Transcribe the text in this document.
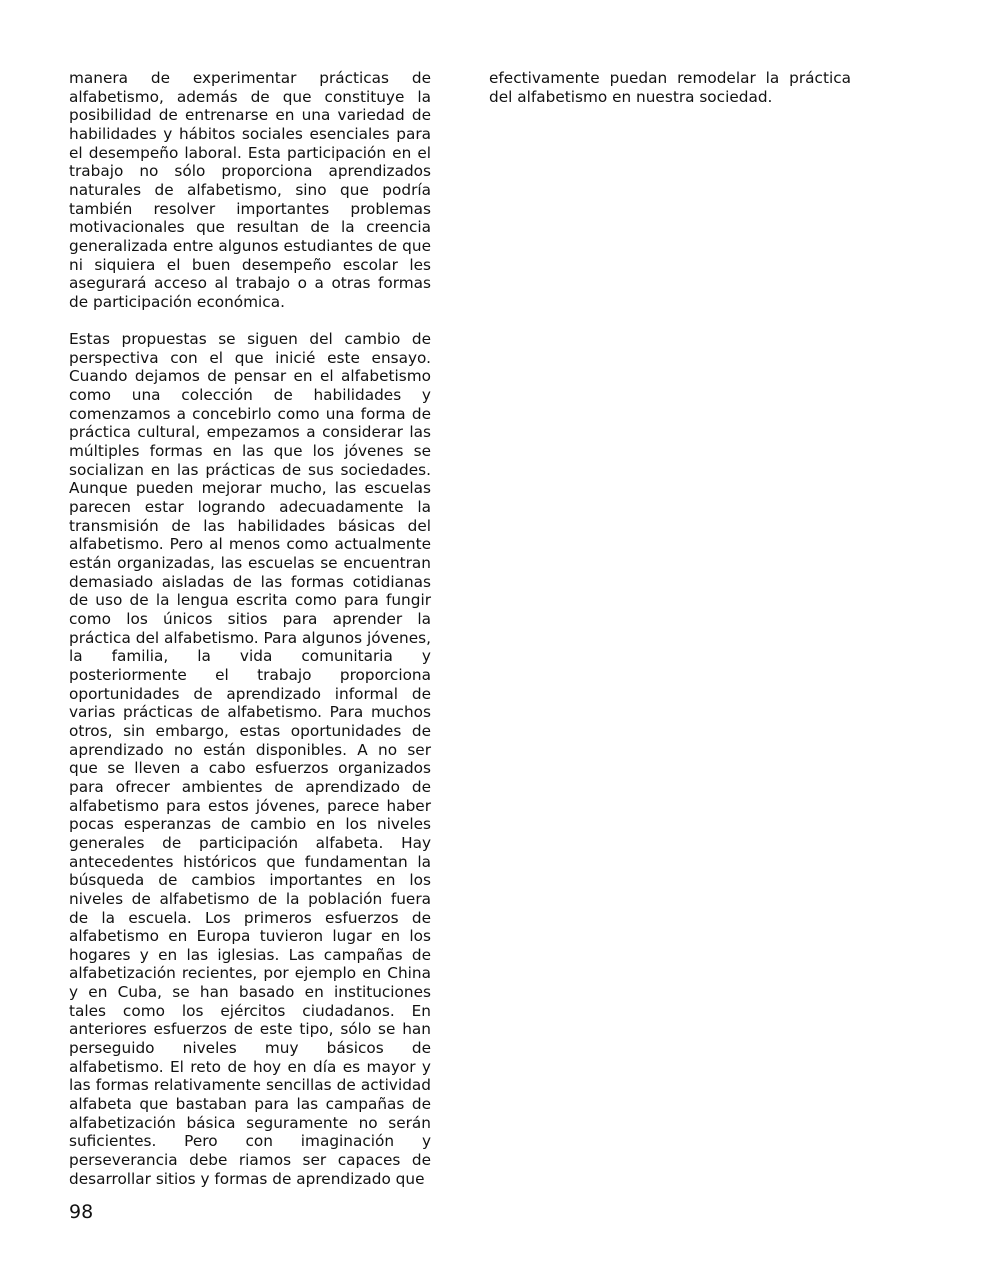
manera de experimentar prácticas de alfabetismo, además de que constituye la posibilidad de entrenarse en una variedad de habilidades y hábitos sociales esenciales para el desempeño laboral. Esta participación en el trabajo no sólo proporciona aprendizados naturales de alfabetismo, sino que podría también resolver importantes problemas motivacionales que resultan de la creencia generalizada entre algunos estudiantes de que ni siquiera el buen desempeño escolar les asegurará acceso al trabajo o a otras formas de participación económica.

Estas propuestas se siguen del cambio de perspectiva con el que inicié este ensayo. Cuando dejamos de pensar en el alfabetismo como una colección de habilidades y comenzamos a concebirlo como una forma de práctica cultural, empezamos a considerar las múltiples formas en las que los jóvenes se socializan en las prácticas de sus sociedades. Aunque pueden mejorar mucho, las escuelas parecen estar logrando adecuadamente la transmisión de las habilidades básicas del alfabetismo. Pero al menos como actualmente están organizadas, las escuelas se encuentran demasiado aisladas de las formas cotidianas de uso de la lengua escrita como para fungir como los únicos sitios para aprender la práctica del alfabetismo. Para algunos jóvenes, la familia, la vida comunitaria y posteriormente el trabajo proporciona oportunidades de aprendizado informal de varias prácticas de alfabetismo. Para muchos otros, sin embargo, estas oportunidades de aprendizado no están disponibles. A no ser que se lleven a cabo esfuerzos organizados para ofrecer ambientes de aprendizado de alfabetismo para estos jóvenes, parece haber pocas esperanzas de cambio en los niveles generales de participación alfabeta. Hay antecedentes históricos que fundamentan la búsqueda de cambios importantes en los niveles de alfabetismo de la población fuera de la escuela. Los primeros esfuerzos de alfabetismo en Europa tuvieron lugar en los hogares y en las iglesias. Las campañas de alfabetización recientes, por ejemplo en China y en Cuba, se han basado en instituciones tales como los ejércitos ciudadanos. En anteriores esfuerzos de este tipo, sólo se han perseguido niveles muy básicos de alfabetismo. El reto de hoy en día es mayor y las formas relativamente sencillas de actividad alfabeta que bastaban para las campañas de alfabetización básica seguramente no serán suficientes. Pero con imaginación y perseverancia debe riamos ser capaces de desarrollar sitios y formas de aprendizado que

efectivamente puedan remodelar la práctica del alfabetismo en nuestra sociedad.

98
